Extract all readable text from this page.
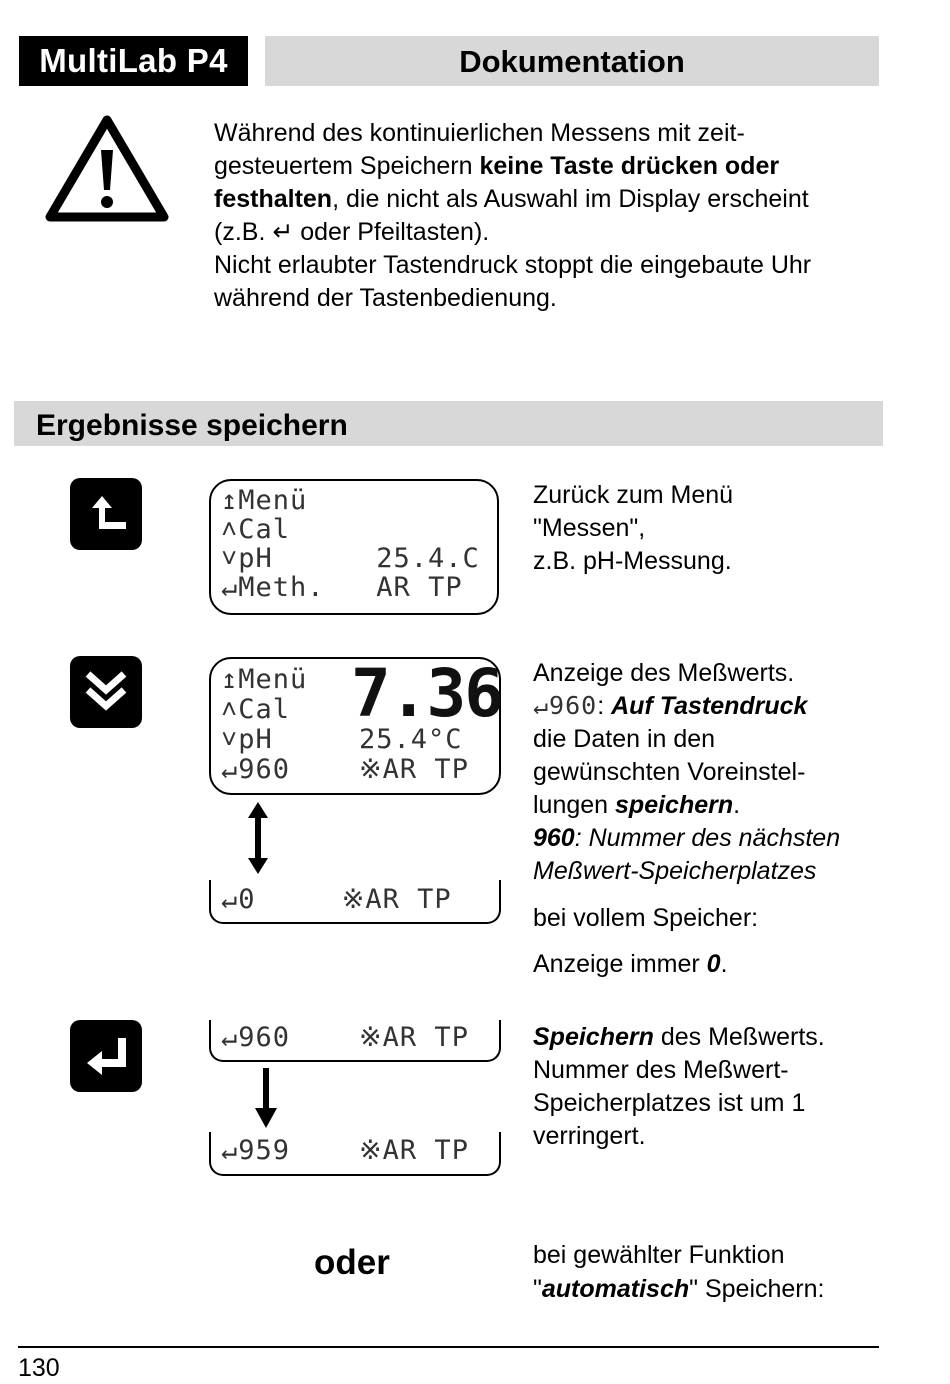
MultiLab P4	Dokumentation
Während des kontinuierlichen Messens mit zeit-
gesteuertem Speichern keine Taste drücken oder
festhalten, die nicht als Auswahl im Display erscheint
(z.B. ↵ oder Pfeiltasten).
Nicht erlaubter Tastendruck stoppt die eingebaute Uhr
während der Tastenbedienung.
Ergebnisse speichern
↥Menü
˄Cal
˅pH      25.4.C
↵Meth.   AR TP
Zurück zum Menü
"Messen",
z.B. pH-Messung.
↥Menü
˄Cal
˅pH     25.4°C
↵960    ※AR TP
7.36
↵0     ※AR TP
Anzeige des Meßwerts.
↵960: Auf Tastendruck
die Daten in den
gewünschten Voreinstel-
lungen speichern.
960: Nummer des nächsten
Meßwert-Speicherplatzes
bei vollem Speicher:
Anzeige immer 0.
↵960    ※AR TP
↵959    ※AR TP
Speichern des Meßwerts.
Nummer des Meßwert-
Speicherplatzes ist um 1
verringert.
oder	bei gewählter Funktion
"automatisch" Speichern:
130
